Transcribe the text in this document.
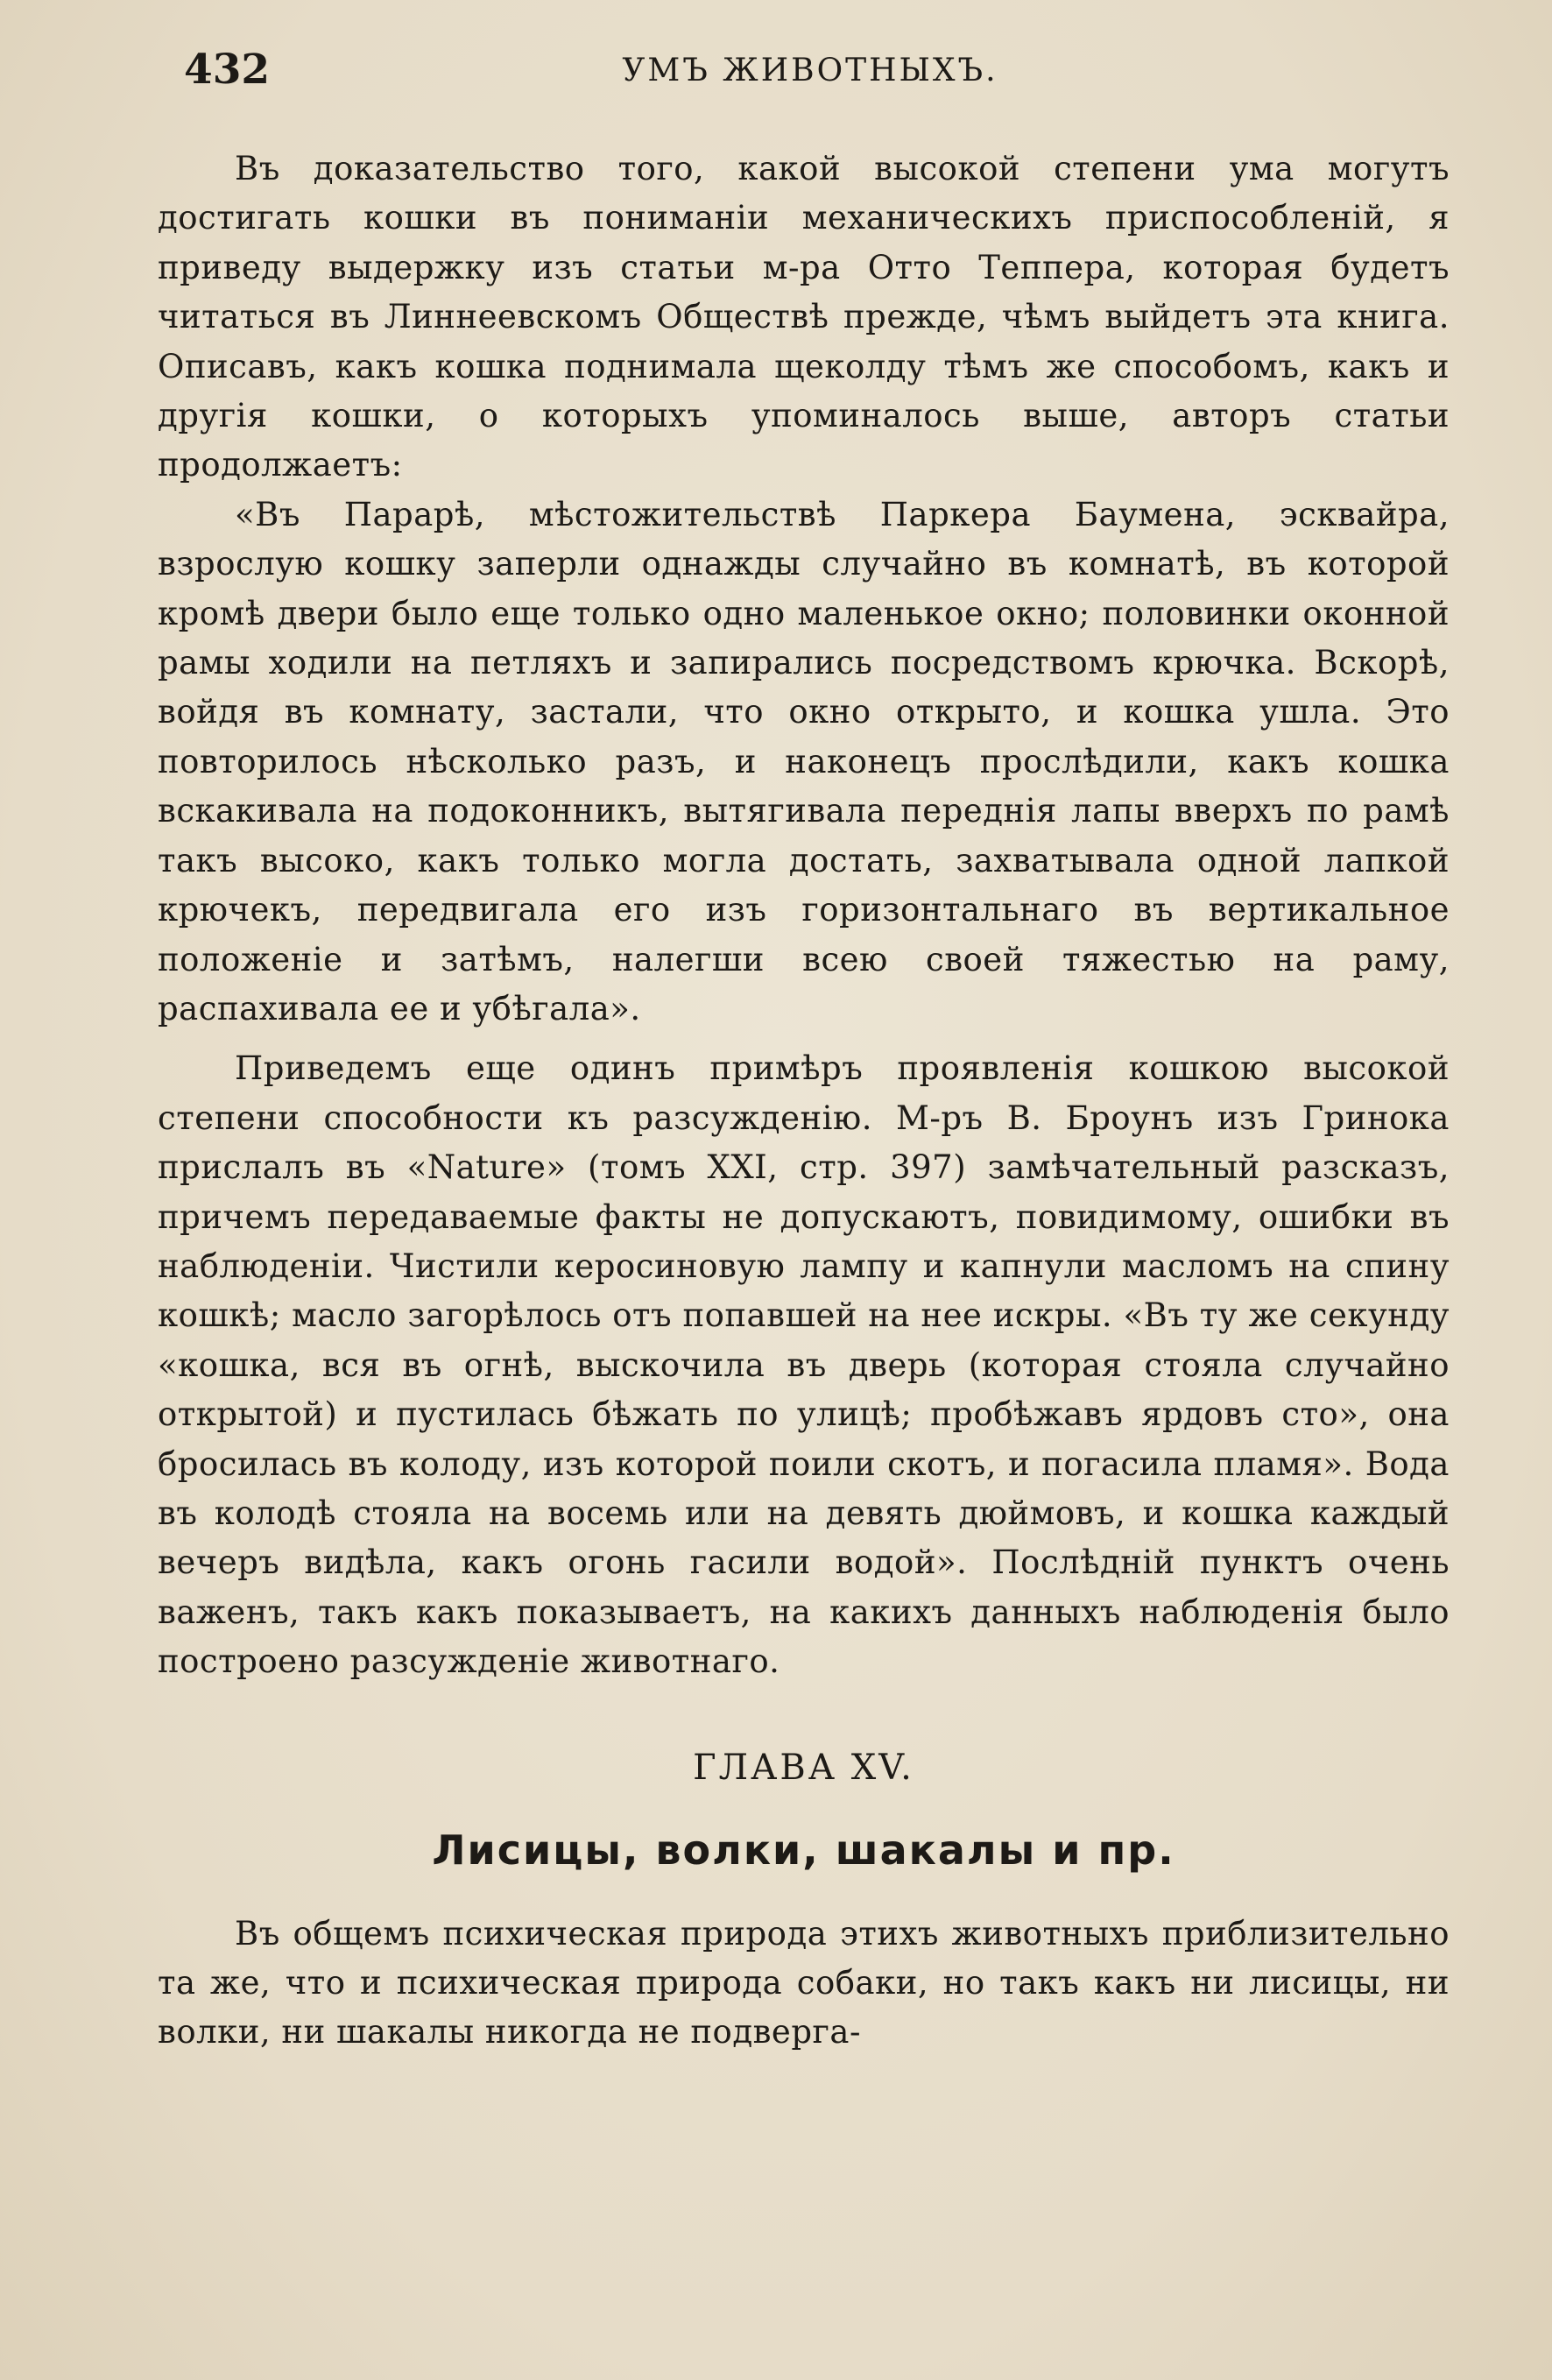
432	УМЪ ЖИВОТНЫХЪ.

Въ доказательство того, какой высокой степени ума могутъ достигать кошки въ пониманіи механическихъ приспособленій, я приведу выдержку изъ статьи м-ра Отто Теппера, которая будетъ читаться въ Линнеевскомъ Обществѣ прежде, чѣмъ выйдетъ эта книга. Описавъ, какъ кошка поднимала щеколду тѣмъ же способомъ, какъ и другія кошки, о которыхъ упоминалось выше, авторъ статьи продолжаетъ:

«Въ Парарѣ, мѣстожительствѣ Паркера Баумена, эсквайра, взрослую кошку заперли однажды случайно въ комнатѣ, въ которой кромѣ двери было еще только одно маленькое окно; половинки оконной рамы ходили на петляхъ и запирались посредствомъ крючка. Вскорѣ, войдя въ комнату, застали, что окно открыто, и кошка ушла. Это повторилось нѣсколько разъ, и наконецъ прослѣдили, какъ кошка вскакивала на подоконникъ, вытягивала переднія лапы вверхъ по рамѣ такъ высоко, какъ только могла достать, захватывала одной лапкой крючекъ, передвигала его изъ горизонтальнаго въ вертикальное положеніе и затѣмъ, налегши всею своей тяжестью на раму, распахивала ее и убѣгала».

Приведемъ еще одинъ примѣръ проявленія кошкою высокой степени способности къ разсужденію. М-ръ В. Броунъ изъ Гринока прислалъ въ «Nature» (томъ XXI, стр. 397) замѣчательный разсказъ, причемъ передаваемые факты не допускаютъ, повидимому, ошибки въ наблюденіи. Чистили керосиновую лампу и капнули масломъ на спину кошкѣ; масло загорѣлось отъ попавшей на нее искры. «Въ ту же секунду «кошка, вся въ огнѣ, выскочила въ дверь (которая стояла случайно открытой) и пустилась бѣжать по улицѣ; пробѣжавъ ярдовъ сто», она бросилась въ колоду, изъ которой поили скотъ, и погасила пламя». Вода въ колодѣ стояла на восемь или на девять дюймовъ, и кошка каждый вечеръ видѣла, какъ огонь гасили водой». Послѣдній пунктъ очень важенъ, такъ какъ показываетъ, на какихъ данныхъ наблюденія было построено разсужденіе животнаго.

ГЛАВА XV.
Лисицы, волки, шакалы и пр.

Въ общемъ психическая природа этихъ животныхъ приблизительно та же, что и психическая природа собаки, но такъ какъ ни лисицы, ни волки, ни шакалы никогда не подверга-
